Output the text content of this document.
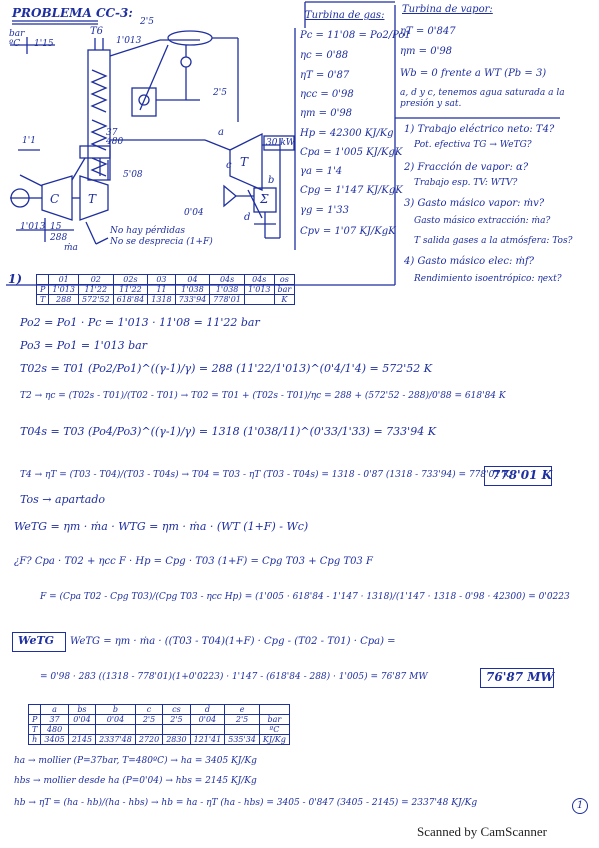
PROBLEMA CC-3:
bar
ºC 1'15
T6
1'013
2'5
2'5
37
480
0'04
5'08
a
b
c
d
T
C T	Σ
30 kW
1'1
1'013 15
288
ṁa
No hay pérdidas
No se desprecia (1+F)
Turbina de gas:
Pc = 11'08 = Po2/Po1
ηc = 0'88
ηT = 0'87
ηcc = 0'98
ηm = 0'98
Hp = 42300 KJ/Kg
Cpa = 1'005 KJ/KgK
γa = 1'4
Cpg = 1'147 KJ/KgK
γg = 1'33
Cpv = 1'07 KJ/KgK
Turbina de vapor:
ηT = 0'847
ηm = 0'98
Wb = 0 frente a WT (Pb = 3)
a, d y c, tenemos agua saturada a la presión y sat.
1) Trabajo eléctrico neto: T4?
Pot. efectiva TG → WeTG?
2) Fracción de vapor: α?
Trabajo esp. TV: WTV?
3) Gasto másico vapor: ṁv?
Gasto másico extracción: ṁa?
T salida gases a la atmósfera: Tos?
4) Gasto másico elec: ṁf?
Rendimiento isoentrópico: ηext?
1)
		01	02	02s	03	04	04s	04s	os
P	1'013	11'22	11'22	11	1'038	1'038	1'013	bar
T	288	572'52	618'84	1318	733'94	778'01		K
Po2 = Po1 · Pc = 1'013 · 11'08 = 11'22 bar
Po3 = Po1 = 1'013 bar
T02s = T01 (Po2/Po1)^((γ-1)/γ) = 288 (11'22/1'013)^(0'4/1'4) = 572'52 K
T2 → ηc = (T02s - T01)/(T02 - T01) → T02 = T01 + (T02s - T01)/ηc = 288 + (572'52 - 288)/0'88 = 618'84 K
T04s = T03 (Po4/Po3)^((γ-1)/γ) = 1318 (1'038/11)^(0'33/1'33) = 733'94 K
T4 → ηT = (T03 - T04)/(T03 - T04s) → T04 = T03 - ηT (T03 - T04s) = 1318 - 0'87 (1318 - 733'94) = 778'01 K
778'01 K
Tos → apartado
WeTG = ηm · ṁa · WTG = ηm · ṁa · (WT (1+F) - Wc)
¿F? Cpa · T02 + ηcc F · Hp = Cpg · T03 (1+F) = Cpg T03 + Cpg T03 F
F = (Cpa T02 - Cpg T03)/(Cpg T03 - ηcc Hp) = (1'005 · 618'84 - 1'147 · 1318)/(1'147 · 1318 - 0'98 · 42300) = 0'0223
WeTG WeTG = ηm · ṁa · ((T03 - T04)(1+F) · Cpg - (T02 - T01) · Cpa) =
= 0'98 · 283 ((1318 - 778'01)(1+0'0223) · 1'147 - (618'84 - 288) · 1'005) = 76'87 MW	76'87 MW
	a	bs	b	c	cs	d	e	
P	37	0'04	0'04	2'5	2'5	0'04	2'5	bar
T	480							ºC
h	3405	2145	2337'48	2720	2830	121'41	535'34	KJ/Kg
ha → mollier (P=37bar, T=480ºC) → ha = 3405 KJ/Kg
hbs → mollier desde ha (P=0'04) → hbs = 2145 KJ/Kg
hb → ηT = (ha - hb)/(ha - hbs) → hb = ha - ηT (ha - hbs) = 3405 - 0'847 (3405 - 2145) = 2337'48 KJ/Kg	1
Scanned by CamScanner
